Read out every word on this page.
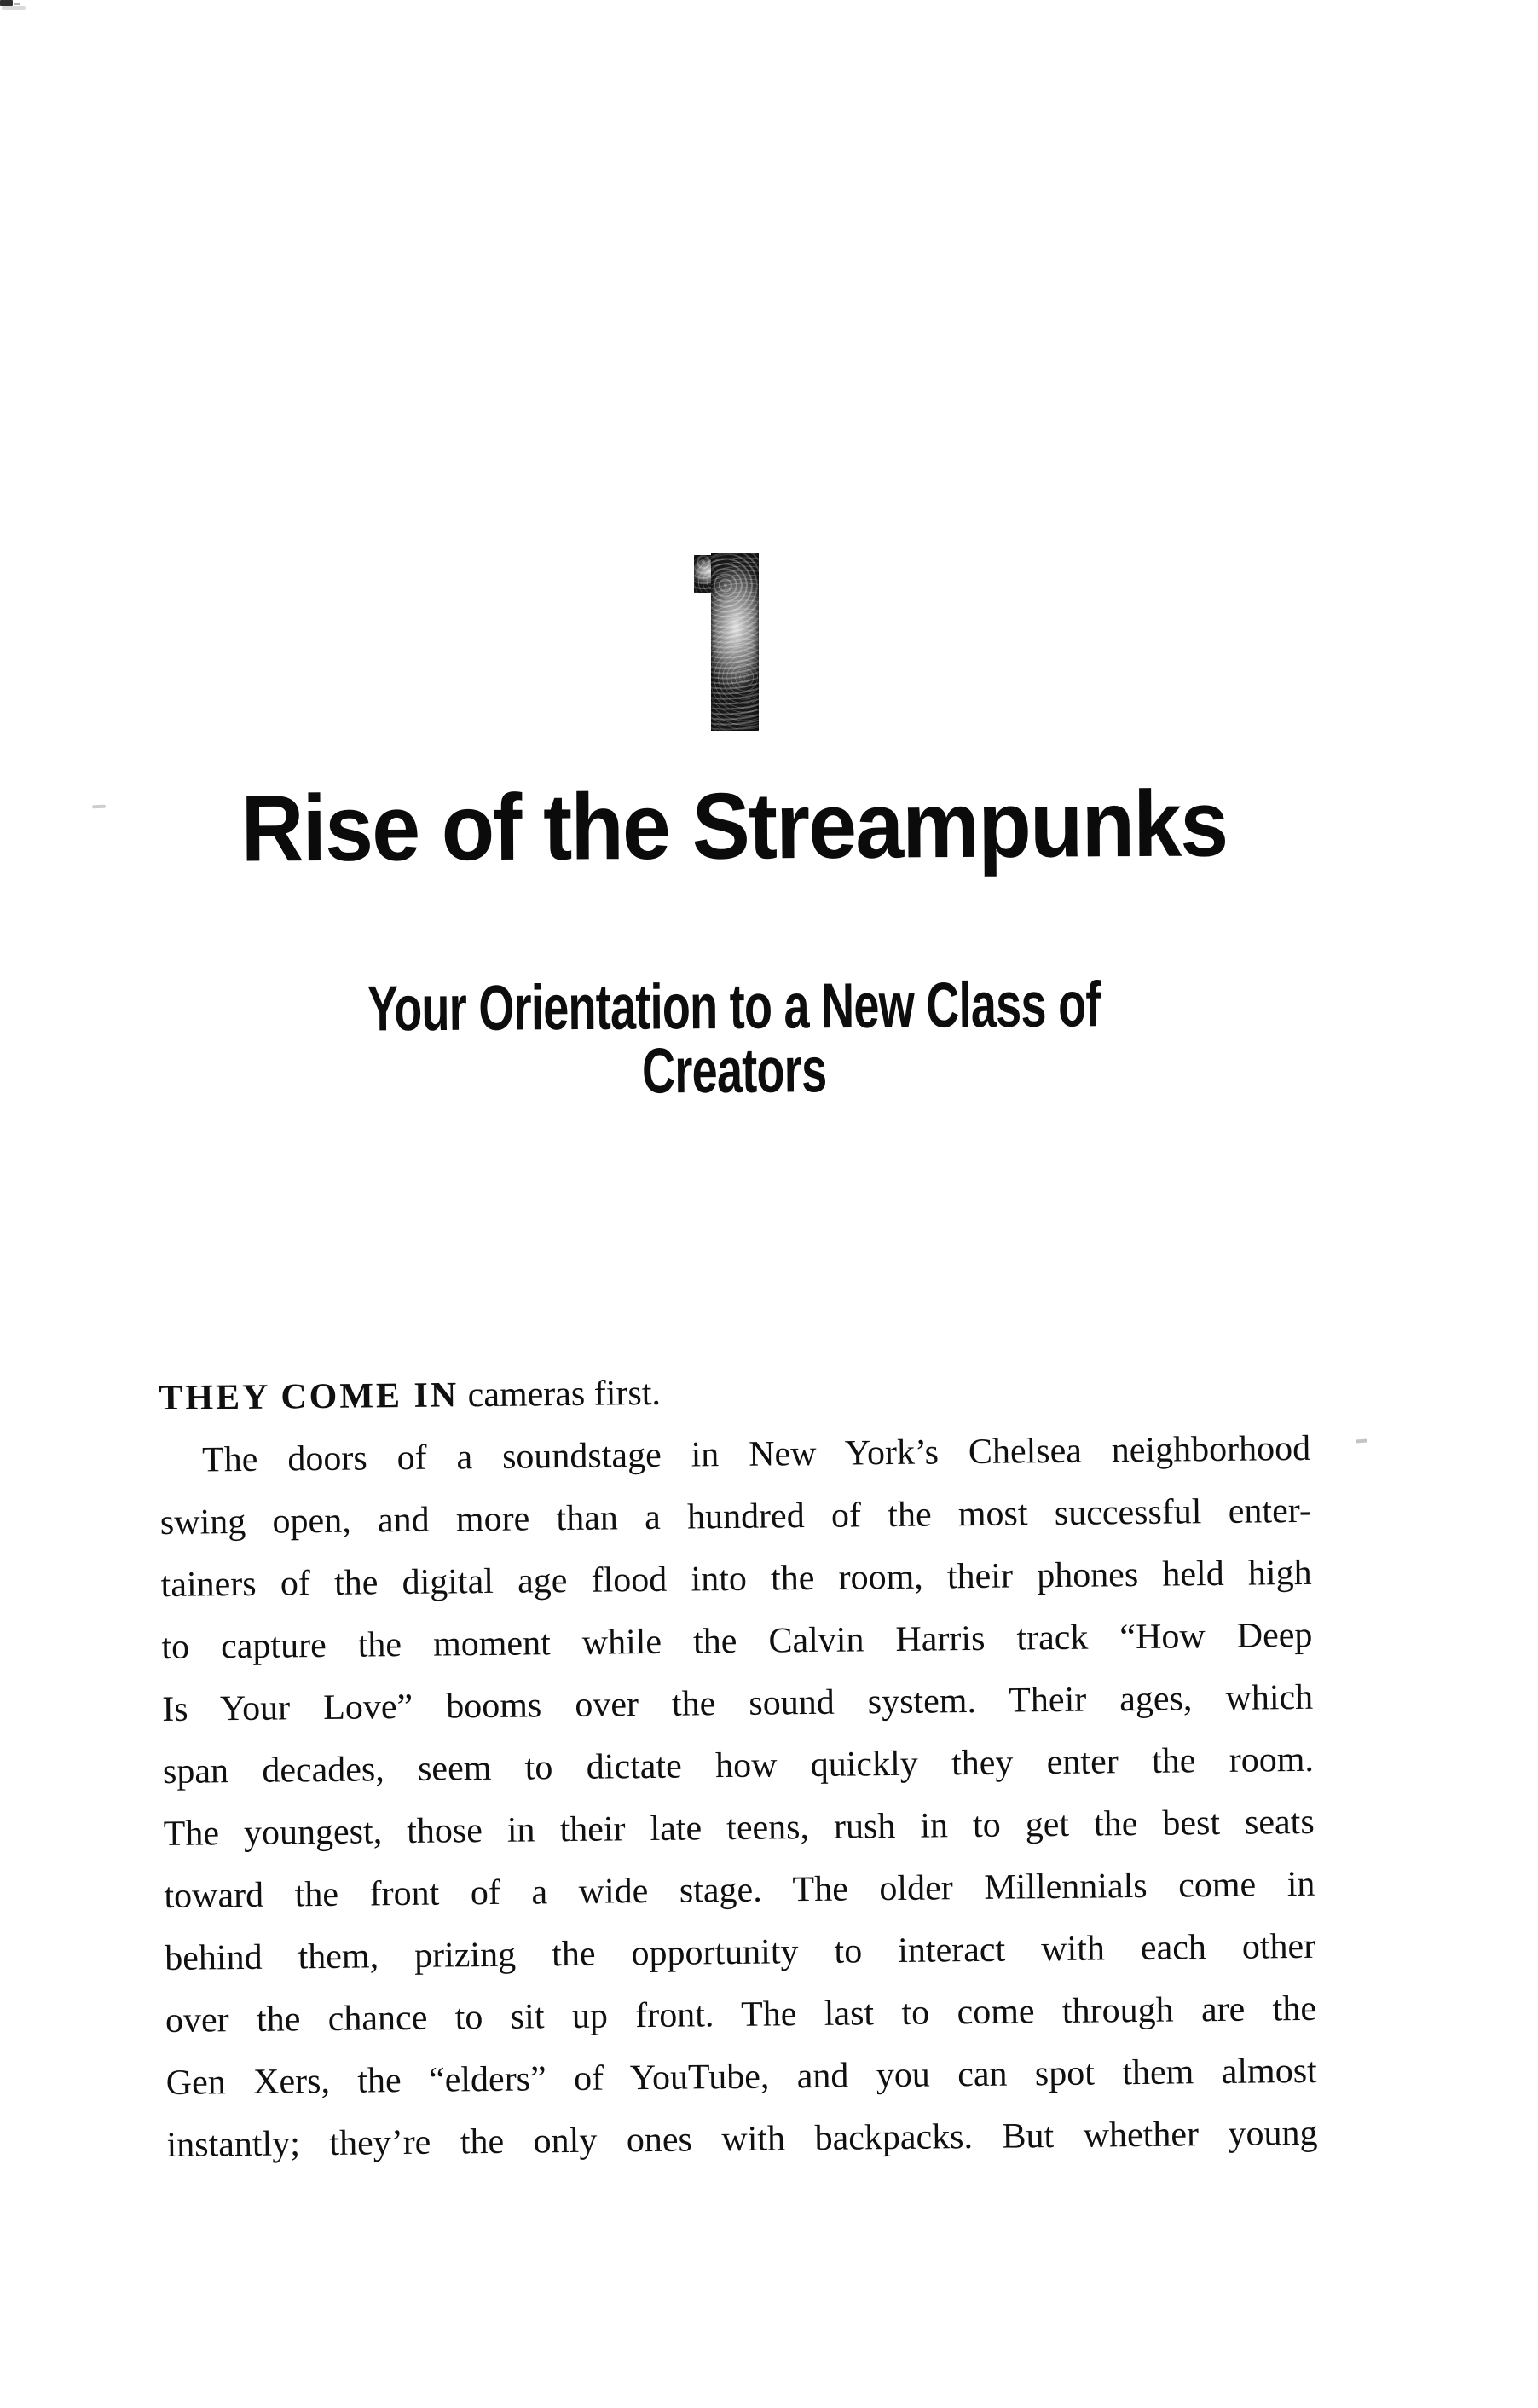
Rise of the Streampunks
Your Orientation to a New Class of Creators

THEY COME IN cameras first.

The doors of a soundstage in New York’s Chelsea neighborhood

swing open, and more than a hundred of the most successful enter-

tainers of the digital age flood into the room, their phones held high

to capture the moment while the Calvin Harris track “How Deep

Is Your Love” booms over the sound system. Their ages, which

span decades, seem to dictate how quickly they enter the room.

The youngest, those in their late teens, rush in to get the best seats

toward the front of a wide stage. The older Millennials come in

behind them, prizing the opportunity to interact with each other

over the chance to sit up front. The last to come through are the

Gen Xers, the “elders” of YouTube, and you can spot them almost

instantly; they’re the only ones with backpacks. But whether young
